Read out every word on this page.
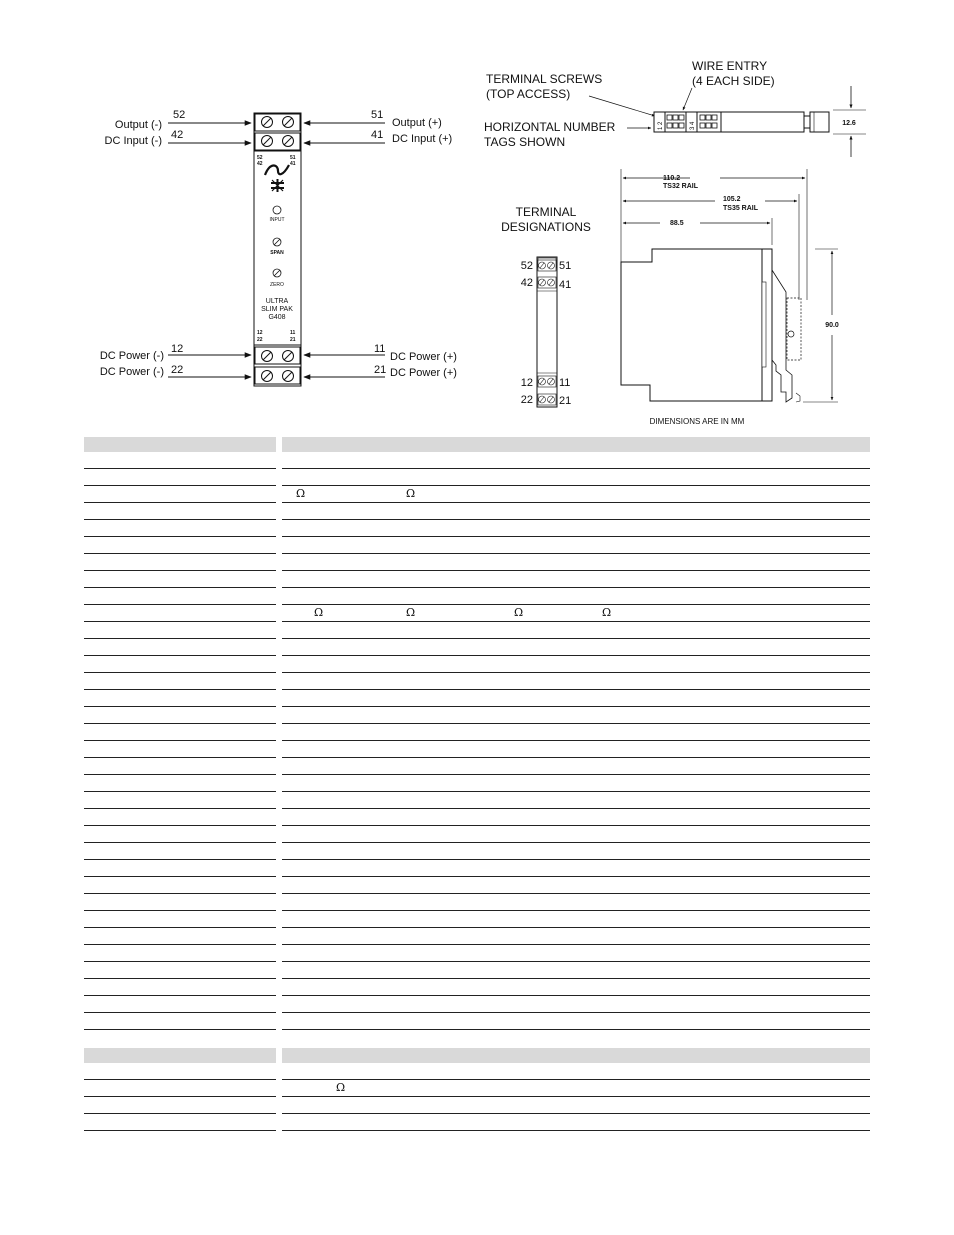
52
42
51
41
INPUT
SPAN
ZERO
ULTRA
SLIM PAK
G408
12
22
11
21
52
Output (-)
42
DC Input (-)
51
Output (+)
41 DC Input (+)
12
DC Power (-)
22
DC Power (-)
11
DC Power (+)
21 DC Power (+)
TERMINAL SCREWS
(TOP ACCESS)
WIRE ENTRY
(4 EACH SIDE)
HORIZONTAL NUMBER
TAGS SHOWN
1 2	3 4	12.6
TERMINAL
DESIGNATIONS
52 51
42 41
12 11
22 21
110.2
TS32 RAIL
105.2
TS35 RAIL
88.5
90.0
DIMENSIONS ARE IN MM

		Ω Ω

		Ω Ω Ω Ω

		Ω
